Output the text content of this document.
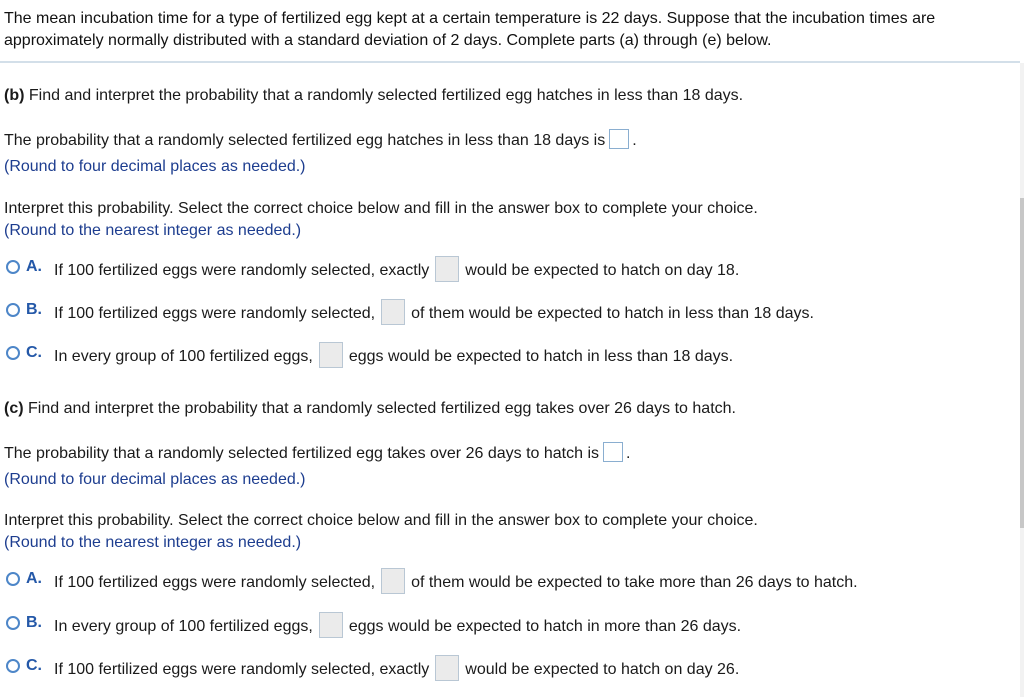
The mean incubation time for a type of fertilized egg kept at a certain temperature is 22 days. Suppose that the incubation times are approximately normally distributed with a standard deviation of 2 days. Complete parts (a) through (e) below.
(b) Find and interpret the probability that a randomly selected fertilized egg hatches in less than 18 days.
The probability that a randomly selected fertilized egg hatches in less than 18 days is .
(Round to four decimal places as needed.)
Interpret this probability. Select the correct choice below and fill in the answer box to complete your choice.
(Round to the nearest integer as needed.)
A. If 100 fertilized eggs were randomly selected, exactly would be expected to hatch on day 18.
B. If 100 fertilized eggs were randomly selected, of them would be expected to hatch in less than 18 days.
C. In every group of 100 fertilized eggs, eggs would be expected to hatch in less than 18 days.
(c) Find and interpret the probability that a randomly selected fertilized egg takes over 26 days to hatch.
The probability that a randomly selected fertilized egg takes over 26 days to hatch is .
(Round to four decimal places as needed.)
Interpret this probability. Select the correct choice below and fill in the answer box to complete your choice.
(Round to the nearest integer as needed.)
A. If 100 fertilized eggs were randomly selected, of them would be expected to take more than 26 days to hatch.
B. In every group of 100 fertilized eggs, eggs would be expected to hatch in more than 26 days.
C. If 100 fertilized eggs were randomly selected, exactly would be expected to hatch on day 26.
